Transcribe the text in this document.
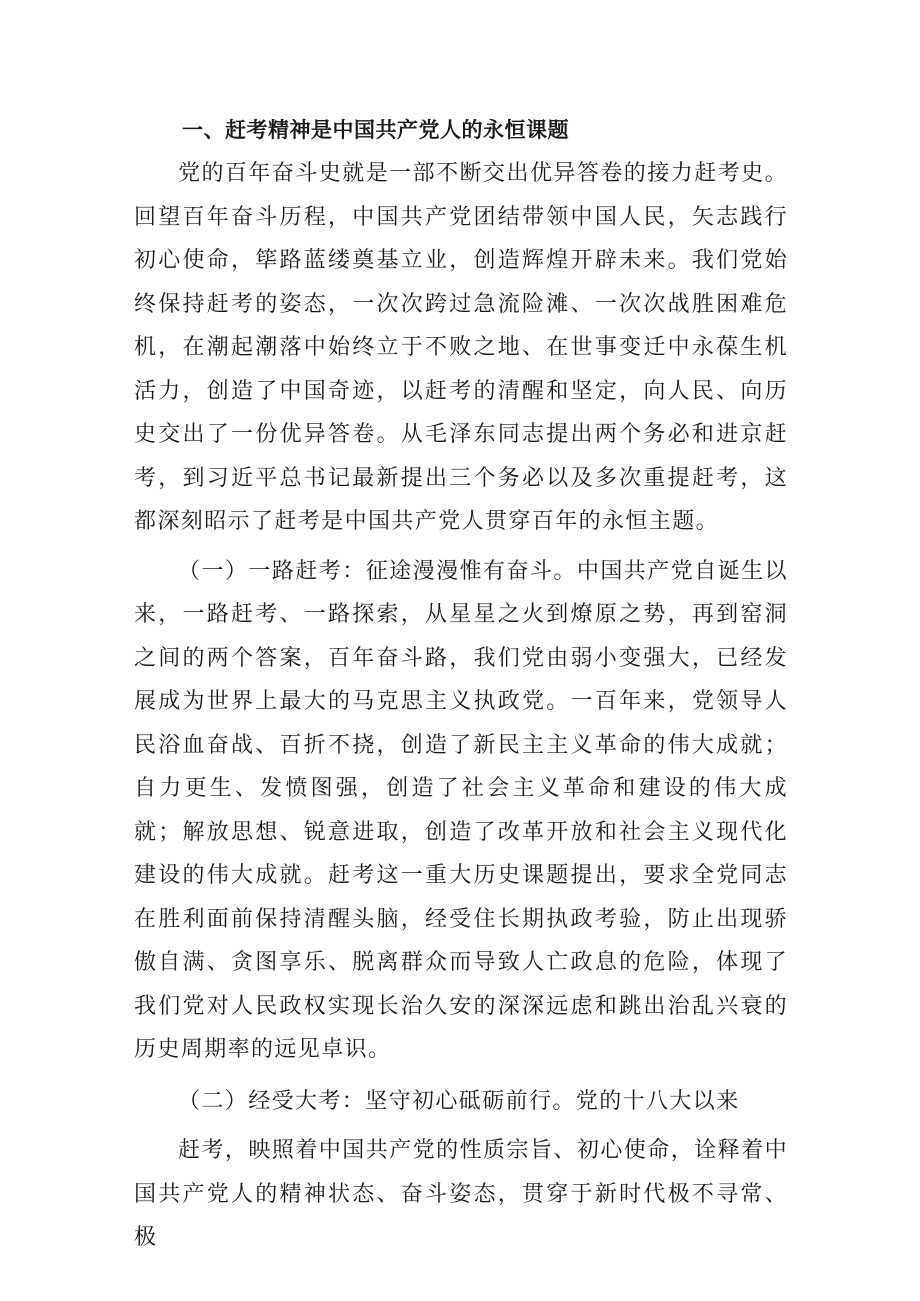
一、赶考精神是中国共产党人的永恒课题

党的百年奋斗史就是一部不断交出优异答卷的接力赶考史。回望百年奋斗历程，中国共产党团结带领中国人民，矢志践行初心使命，筚路蓝缕奠基立业，创造辉煌开辟未来。我们党始终保持赶考的姿态，一次次跨过急流险滩、一次次战胜困难危机，在潮起潮落中始终立于不败之地、在世事变迁中永葆生机活力，创造了中国奇迹，以赶考的清醒和坚定，向人民、向历史交出了一份优异答卷。从毛泽东同志提出两个务必和进京赶考，到习近平总书记最新提出三个务必以及多次重提赶考，这都深刻昭示了赶考是中国共产党人贯穿百年的永恒主题。

（一）一路赶考：征途漫漫惟有奋斗。中国共产党自诞生以来，一路赶考、一路探索，从星星之火到燎原之势，再到窑洞之间的两个答案，百年奋斗路，我们党由弱小变强大，已经发展成为世界上最大的马克思主义执政党。一百年来，党领导人民浴血奋战、百折不挠，创造了新民主主义革命的伟大成就；自力更生、发愤图强，创造了社会主义革命和建设的伟大成就；解放思想、锐意进取，创造了改革开放和社会主义现代化建设的伟大成就。赶考这一重大历史课题提出，要求全党同志在胜利面前保持清醒头脑，经受住长期执政考验，防止出现骄傲自满、贪图享乐、脱离群众而导致人亡政息的危险，体现了我们党对人民政权实现长治久安的深深远虑和跳出治乱兴衰的历史周期率的远见卓识。

（二）经受大考：坚守初心砥砺前行。党的十八大以来

赶考，映照着中国共产党的性质宗旨、初心使命，诠释着中国共产党人的精神状态、奋斗姿态，贯穿于新时代极不寻常、极
